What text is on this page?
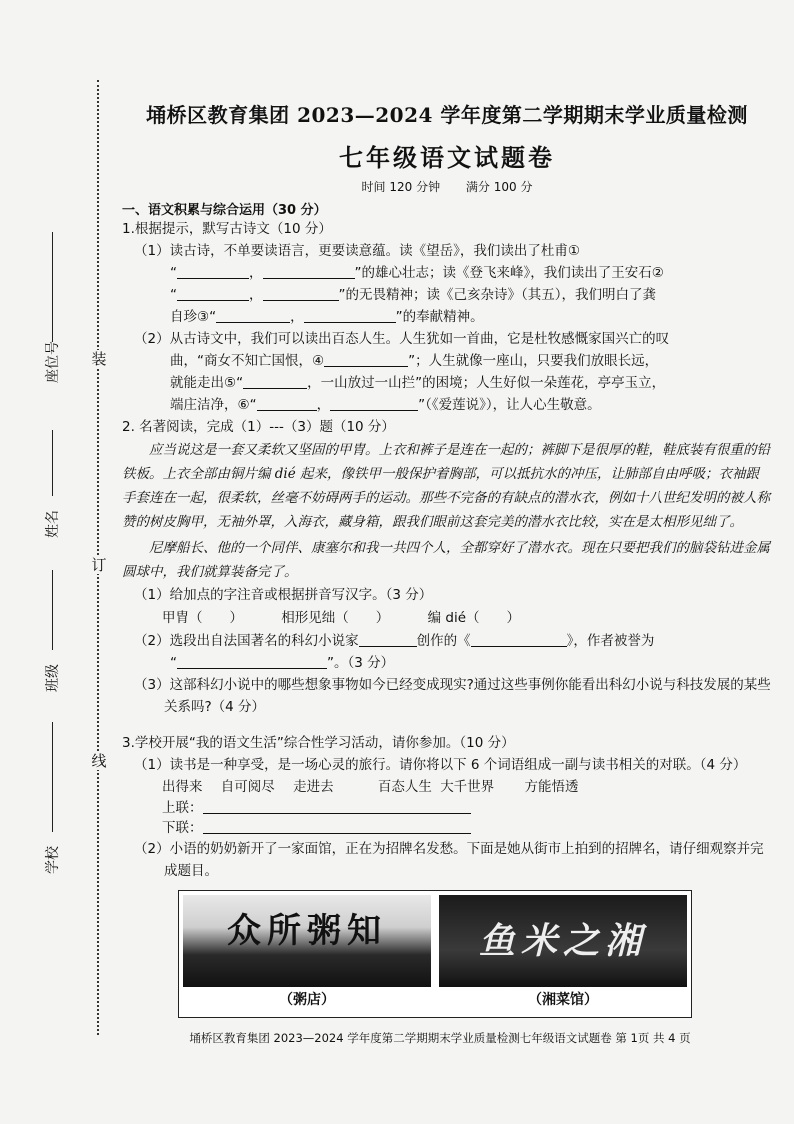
装
订
线
座位号
姓名
班级
学校
埇桥区教育集团 2023—2024 学年度第二学期期末学业质量检测
七年级语文试题卷
时间 120 分钟 满分 100 分
一、语文积累与综合运用（30 分）
1.根据提示，默写古诗文（10 分）
（1）读古诗，不单要读语言，更要读意蕴。读《望岳》，我们读出了杜甫①
“	，	”的雄心壮志；读《登飞来峰》，我们读出了王安石②
“	，	”的无畏精神；读《己亥杂诗》（其五），我们明白了龚
自珍③“	，	”的奉献精神。
（2）从古诗文中，我们可以读出百态人生。人生犹如一首曲，它是杜牧感慨家国兴亡的叹
曲，“商女不知亡国恨，④	”；人生就像一座山，只要我们放眼长远，
就能走出⑤“	，一山放过一山拦”的困境；人生好似一朵莲花，亭亭玉立，
端庄洁净，⑥“	，	”（《爱莲说》），让人心生敬意。
2. 名著阅读，完成（1）---（3）题（10 分）

应当说这是一套又柔软又坚固的甲胄。上衣和裤子是连在一起的；裤脚下是很厚的鞋，鞋底装有很重的铅铁板。上衣全部由铜片编 dié 起来，像铁甲一般保护着胸部，可以抵抗水的冲压，让肺部自由呼吸；衣袖跟手套连在一起，很柔软，丝毫不妨碍两手的运动。那些不完备的有缺点的潜水衣，例如十八世纪发明的被人称赞的树皮胸甲，无袖外罩，入海衣，藏身箱，跟我们眼前这套完美的潜水衣比较，实在是太相形见绌了。

尼摩船长、他的一个同伴、康塞尔和我一共四个人，全都穿好了潜水衣。现在只要把我们的脑袋钻进金属圆球中，我们就算装备完了。

（1）给加点的字注音或根据拼音写汉字。（3 分）
甲胄（　　）	相形见绌（　　）	编 dié（　　）
（2）选段出自法国著名的科幻小说家	创作的《	》，作者被誉为
“	”。（3 分）
（3）这部科幻小说中的哪些想象事物如今已经变成现实?通过这些事例你能看出科幻小说与科技发展的某些关系吗?（4 分）
3.学校开展“我的语文生活”综合性学习活动，请你参加。（10 分）
（1）读书是一种享受，是一场心灵的旅行。请你将以下 6 个词语组成一副与读书相关的对联。（4 分）
出得来 自可阅尽 走进去	百态人生 大千世界 方能悟透
上联：
下联：
（2）小语的奶奶新开了一家面馆，正在为招牌名发愁。下面是她从街市上拍到的招牌名，请仔细观察并完成题目。
众所粥知
（粥店）
鱼米之湘
（湘菜馆）
埇桥区教育集团 2023—2024 学年度第二学期期末学业质量检测七年级语文试题卷 第 1页 共 4 页
